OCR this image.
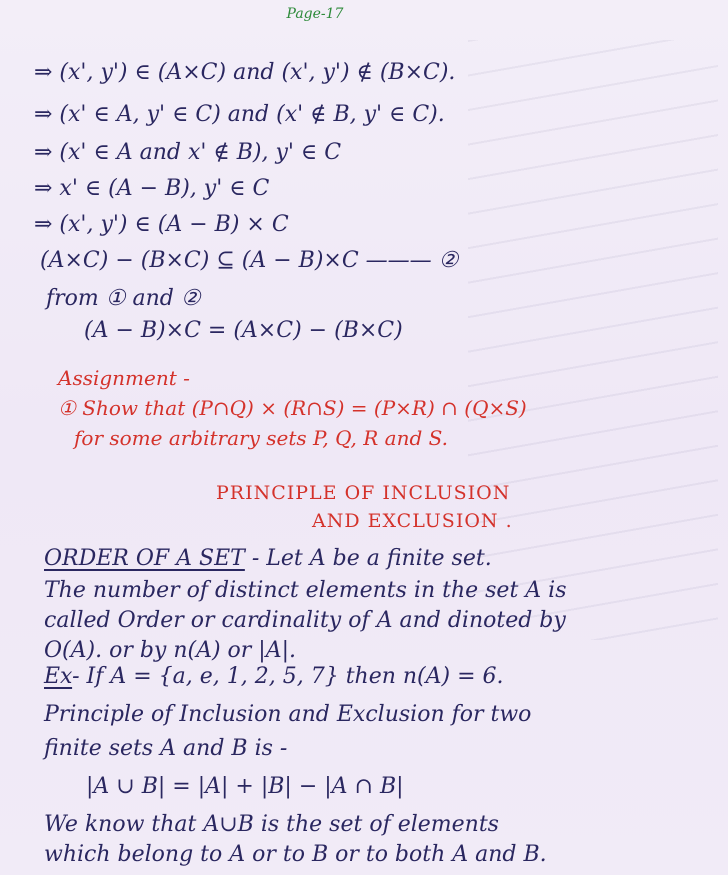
Page-17
⇒ (x', y') ∈ (A×C) and (x', y') ∉ (B×C).
⇒ (x' ∈ A, y' ∈ C) and (x' ∉ B, y' ∈ C).
⇒ (x' ∈ A and x' ∉ B), y' ∈ C
⇒ x' ∈ (A − B), y' ∈ C
⇒ (x', y') ∈ (A − B) × C
(A×C) − (B×C) ⊆ (A − B)×C ——— ②
from ① and ②
(A − B)×C = (A×C) − (B×C)
Assignment -
① Show that (P∩Q) × (R∩S) = (P×R) ∩ (Q×S)
for some arbitrary sets P, Q, R and S.
PRINCIPLE OF INCLUSION
AND EXCLUSION .
ORDER OF A SET - Let A be a finite set.
The number of distinct elements in the set A is
called Order or cardinality of A and dinoted by
O(A). or by n(A) or |A|.
Ex- If A = {a, e, 1, 2, 5, 7} then n(A) = 6.
Principle of Inclusion and Exclusion for two
finite sets A and B is -
|A ∪ B| = |A| + |B| − |A ∩ B|
We know that A∪B is the set of elements
which belong to A or to B or to both A and B.
